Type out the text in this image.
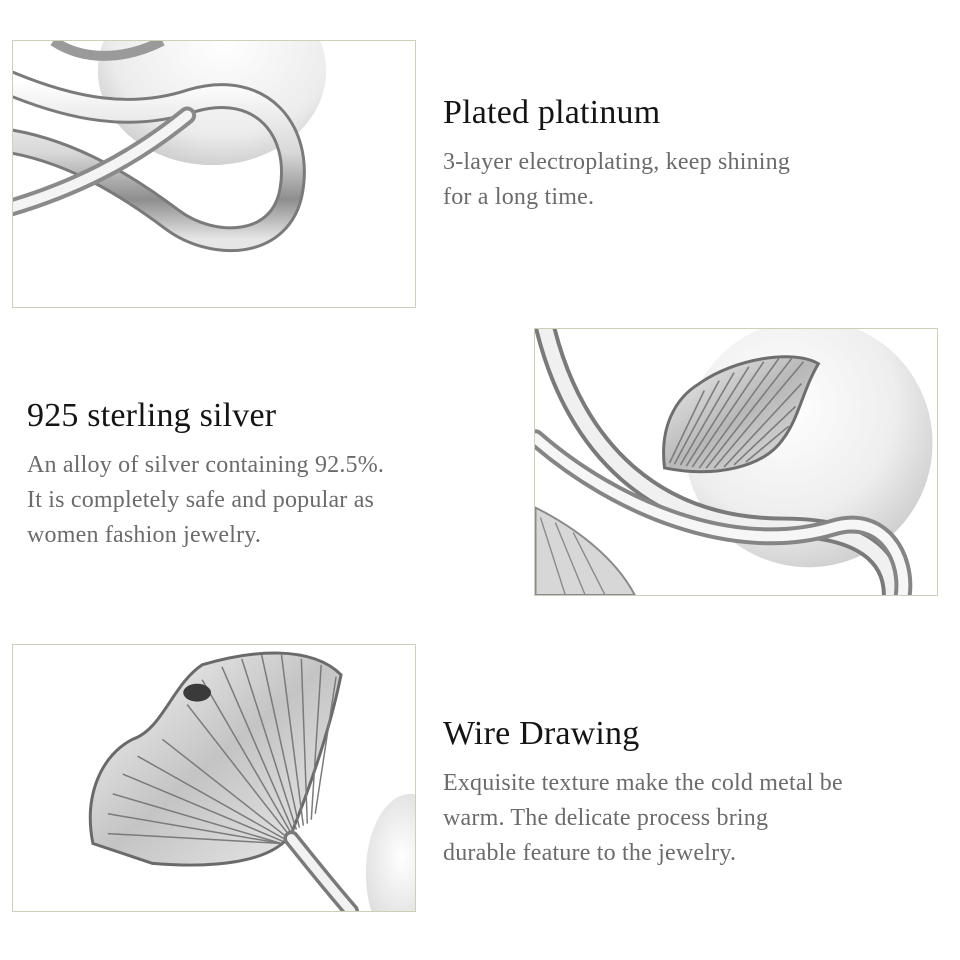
Plated platinum

3-layer electroplating, keep shining
for a long time.

925 sterling silver

An alloy of silver containing 92.5%.
It is completely safe and popular as
women fashion jewelry.

Wire Drawing

Exquisite texture make the cold metal be
warm. The delicate process bring
durable feature to the jewelry.
